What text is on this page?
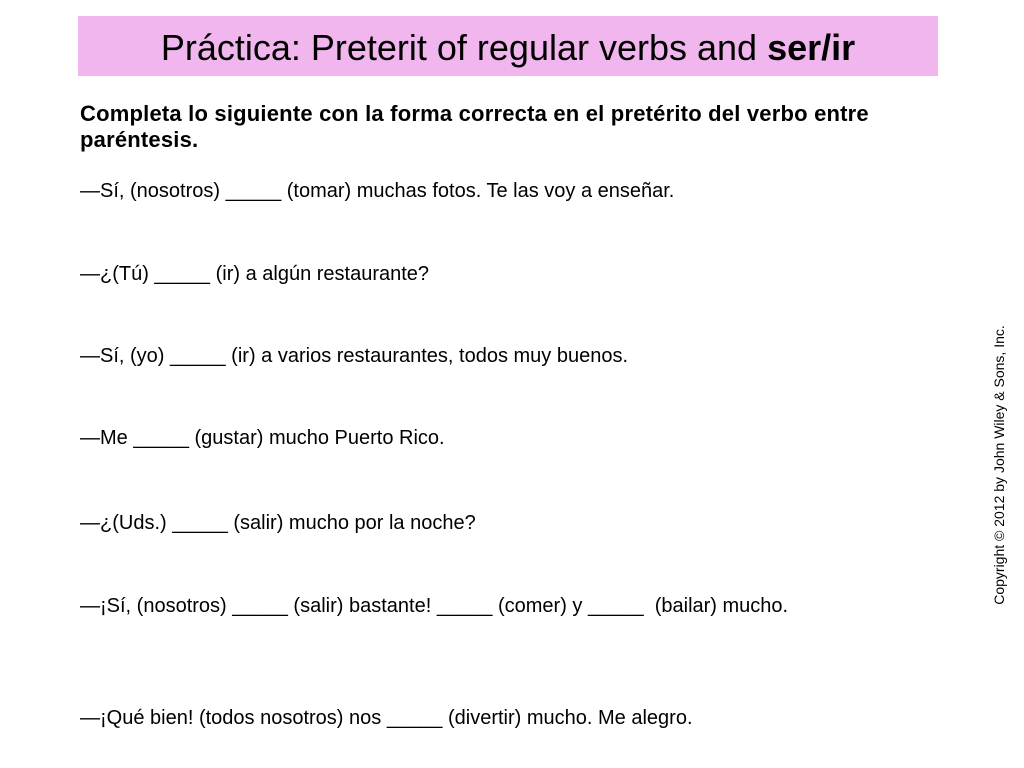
Práctica: Preterit of regular verbs and ser/ir
Completa lo siguiente con la forma correcta en el pretérito del verbo entre paréntesis.
—Sí, (nosotros) _____ (tomar) muchas fotos. Te las voy a enseñar.
—¿(Tú) _____ (ir) a algún restaurante?
—Sí, (yo) _____ (ir) a varios restaurantes, todos muy buenos.
—Me _____ (gustar) mucho Puerto Rico.
—¿(Uds.) _____ (salir) mucho por la noche?
—¡Sí, (nosotros) _____ (salir) bastante! _____ (comer) y _____  (bailar) mucho.
—¡Qué bien! (todos nosotros) nos _____ (divertir) mucho. Me alegro.
Copyright © 2012 by John Wiley & Sons, Inc.
